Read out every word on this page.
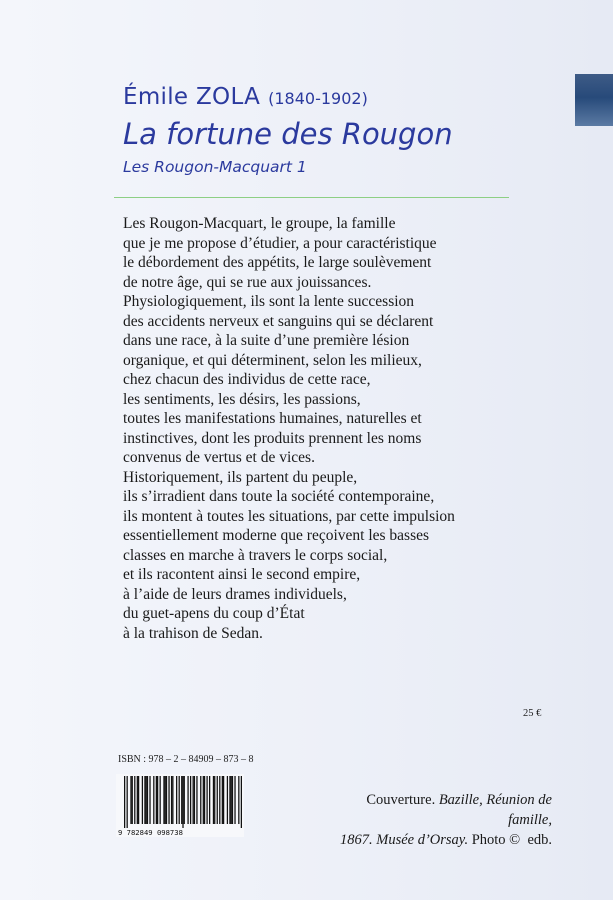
Émile ZOLA (1840-1902)
La fortune des Rougon
Les Rougon-Macquart 1
Les Rougon-Macquart, le groupe, la famille
que je me propose d’étudier, a pour caractéristique
le débordement des appétits, le large soulèvement
de notre âge, qui se rue aux jouissances.
Physiologiquement, ils sont la lente succession
des accidents nerveux et sanguins qui se déclarent
dans une race, à la suite d’une première lésion
organique, et qui déterminent, selon les milieux,
chez chacun des individus de cette race,
les sentiments, les désirs, les passions,
toutes les manifestations humaines, naturelles et
instinctives, dont les produits prennent les noms
convenus de vertus et de vices.
Historiquement, ils partent du peuple,
ils s’irradient dans toute la société contemporaine,
ils montent à toutes les situations, par cette impulsion
essentiellement moderne que reçoivent les basses
classes en marche à travers le corps social,
et ils racontent ainsi le second empire,
à l’aide de leurs drames individuels,
du guet-apens du coup d’État
à la trahison de Sedan.
25 €
ISBN : 978 – 2 – 84909 – 873 – 8
9 782849 098738
Couverture. Bazille, Réunion de famille,
1867. Musée d’Orsay. Photo © edb.
